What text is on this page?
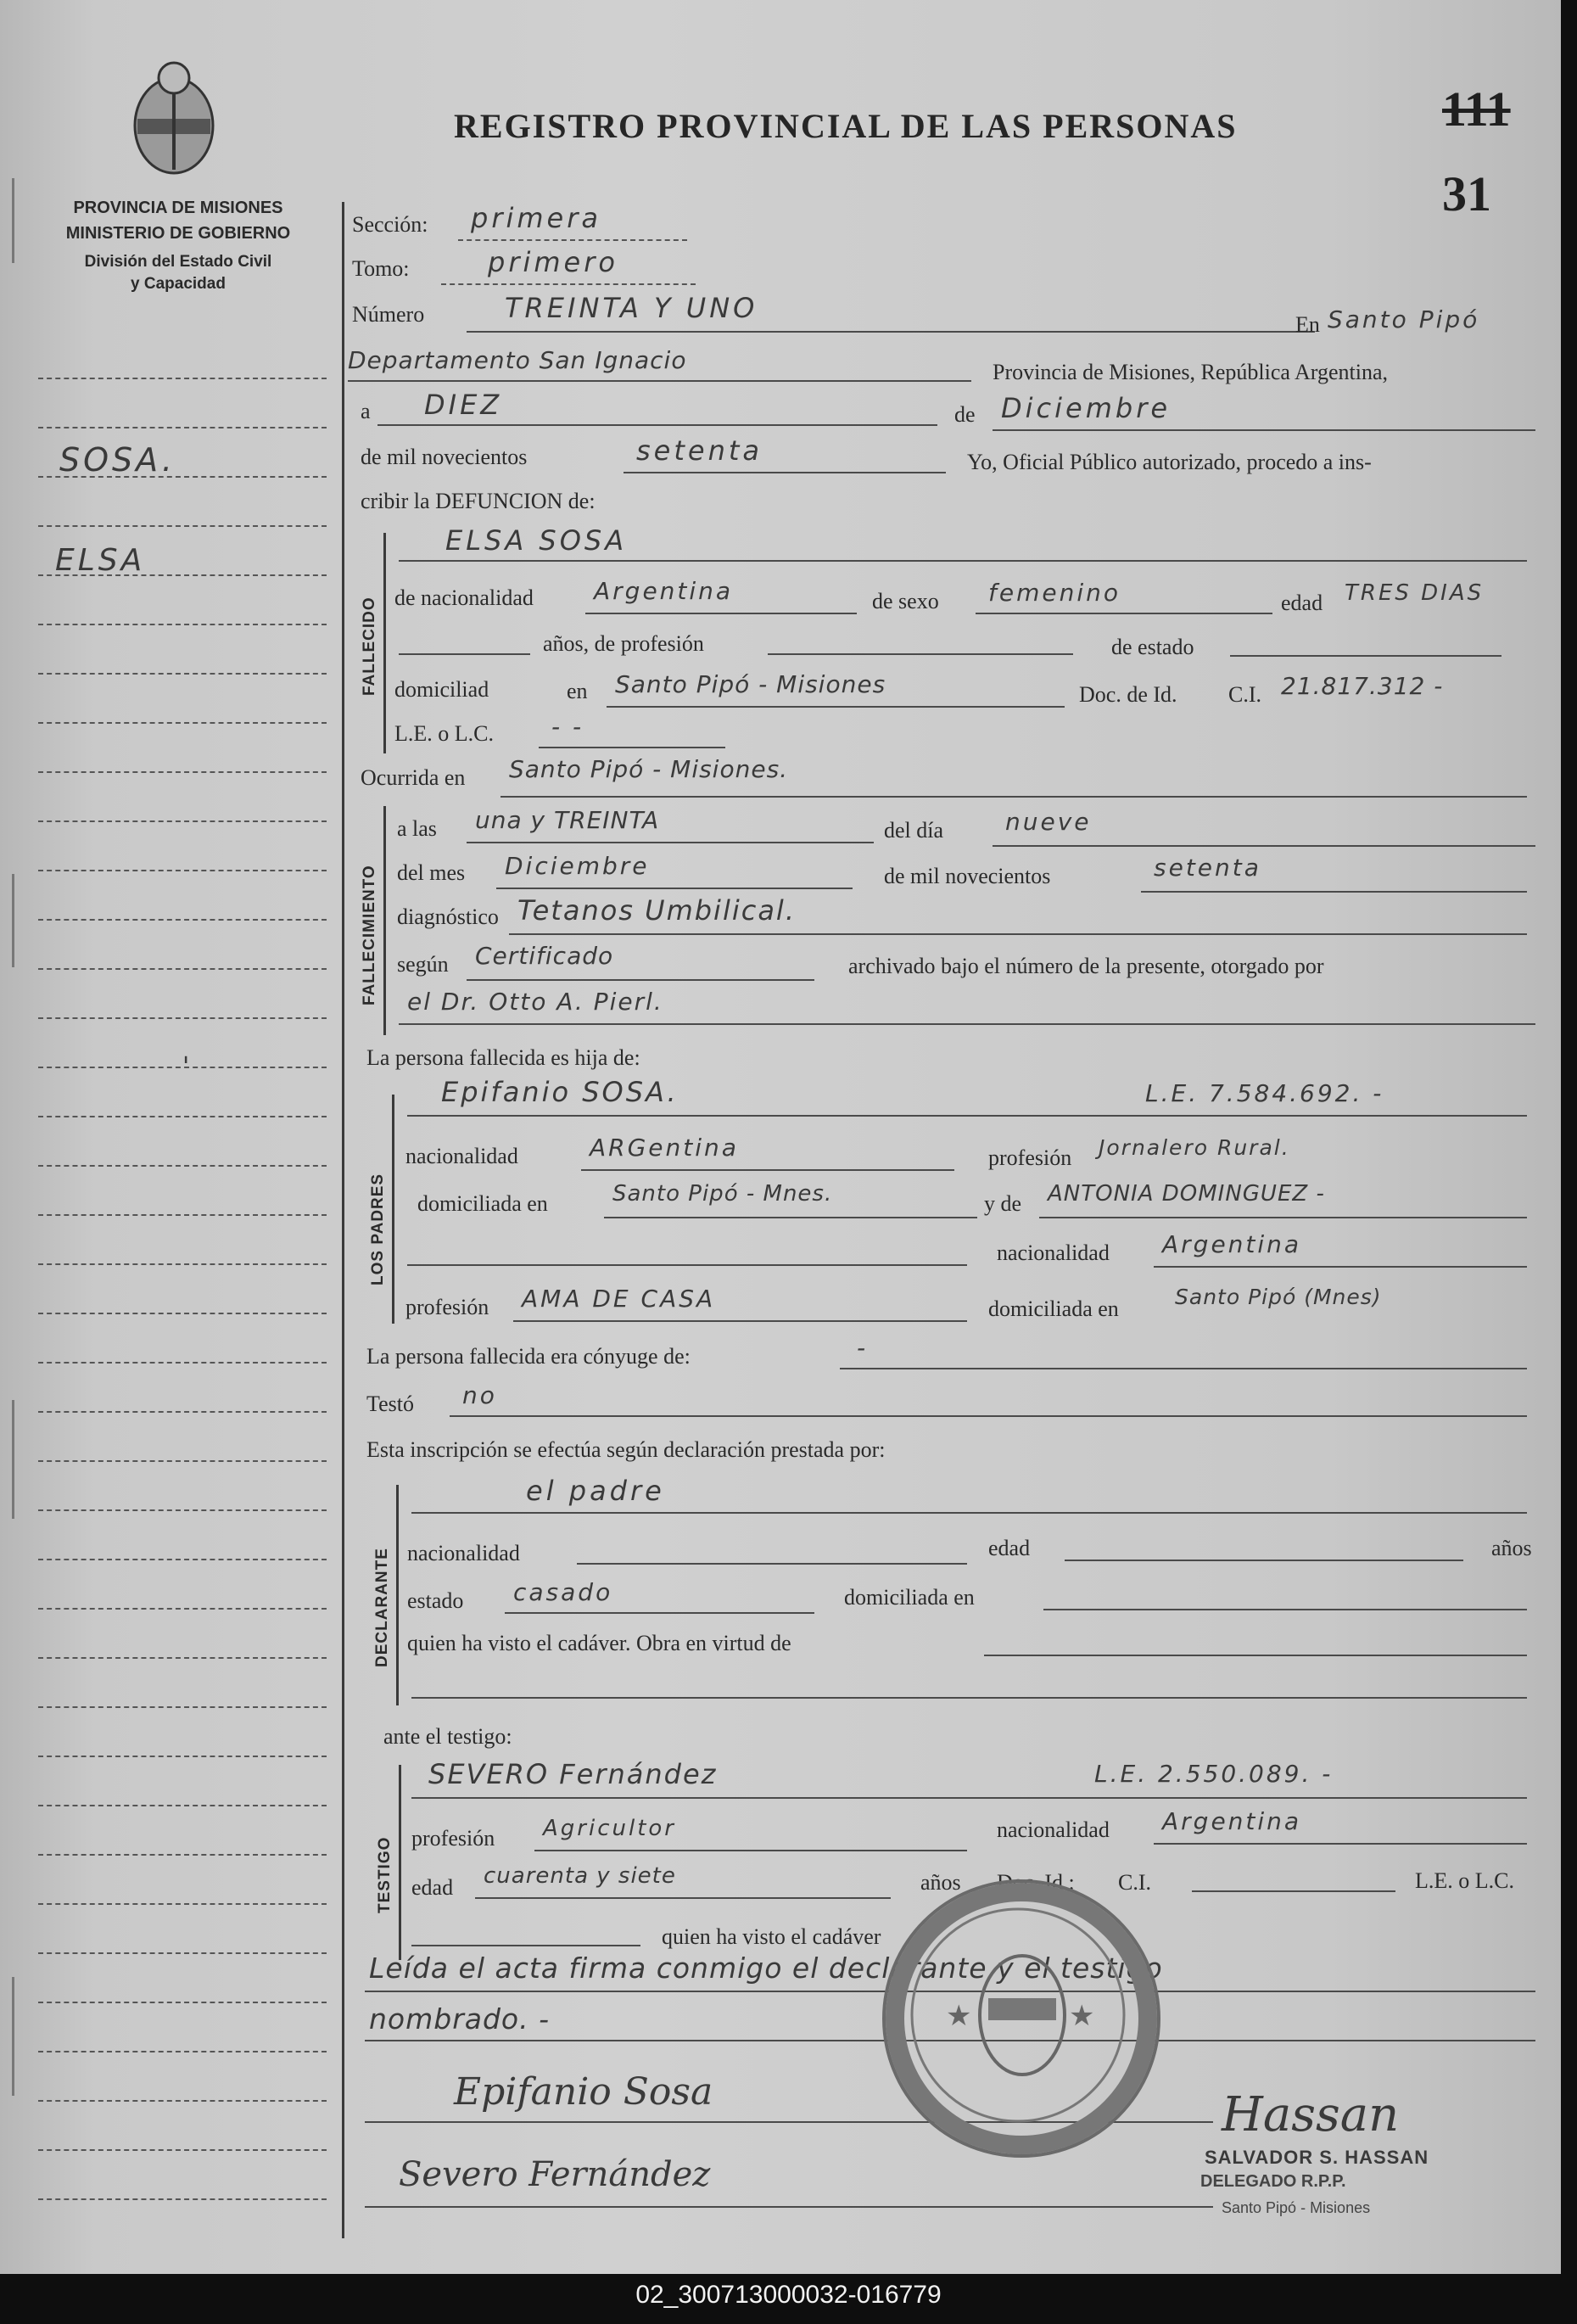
PROVINCIA DE MISIONES
MINISTERIO DE GOBIERNO
División del Estado Civil
y Capacidad
REGISTRO PROVINCIAL DE LAS PERSONAS	111
31
SOSA.
ELSA
'
Sección: primera
Tomo:	primero
Número	TREINTA Y UNO
En Santo Pipó
Departamento San Ignacio	Provincia de Misiones, República Argentina,
a DIEZ	de Diciembre
de mil novecientos	setenta	Yo, Oficial Público autorizado, procedo a ins-
cribir la DEFUNCION de:
FALLECIDO
ELSA SOSA
de nacionalidad	Argentina	de sexo femenino	edad TRES DIAS
años, de profesión	de estado
domiciliad	en Santo Pipó - Misiones	Doc. de Id. C.I. 21.817.312 -
L.E. o L.C. - -
Ocurrida en Santo Pipó - Misiones.
FALLECIMIENTO
a las una y TREINTA	del día	nueve
del mes Diciembre	de mil novecientos	setenta
diagnóstico Tetanos Umbilical.
según Certificado	archivado bajo el número de la presente, otorgado por
el Dr. Otto A. Pierl.
La persona fallecida es hija de:
LOS PADRES
Epifanio SOSA.	L.E. 7.584.692. -
nacionalidad	ARGentina	profesión Jornalero Rural.
domiciliada en	Santo Pipó - Mnes.	y de ANTONIA DOMINGUEZ -
nacionalidad Argentina
profesión AMA DE CASA	domiciliada en	Santo Pipó (Mnes)
La persona fallecida era cónyuge de:	-
Testó no
Esta inscripción se efectúa según declaración prestada por:
DECLARANTE
el padre
nacionalidad	edad	años
estado casado	domiciliada en
quien ha visto el cadáver. Obra en virtud de
ante el testigo:
TESTIGO
SEVERO Fernández	L.E. 2.550.089. -
profesión Agricultor	nacionalidad Argentina
edad cuarenta y siete	años Doc. Id.: C.I.	L.E. o L.C.
quien ha visto el cadáver
Leída el acta firma conmigo el declarante y el testigo
nombrado. -
Epifanio Sosa
Severo Fernández
★	★
Hassan
SALVADOR S. HASSAN
DELEGADO R.P.P.
Santo Pipó - Misiones
02_300713000032-016779
